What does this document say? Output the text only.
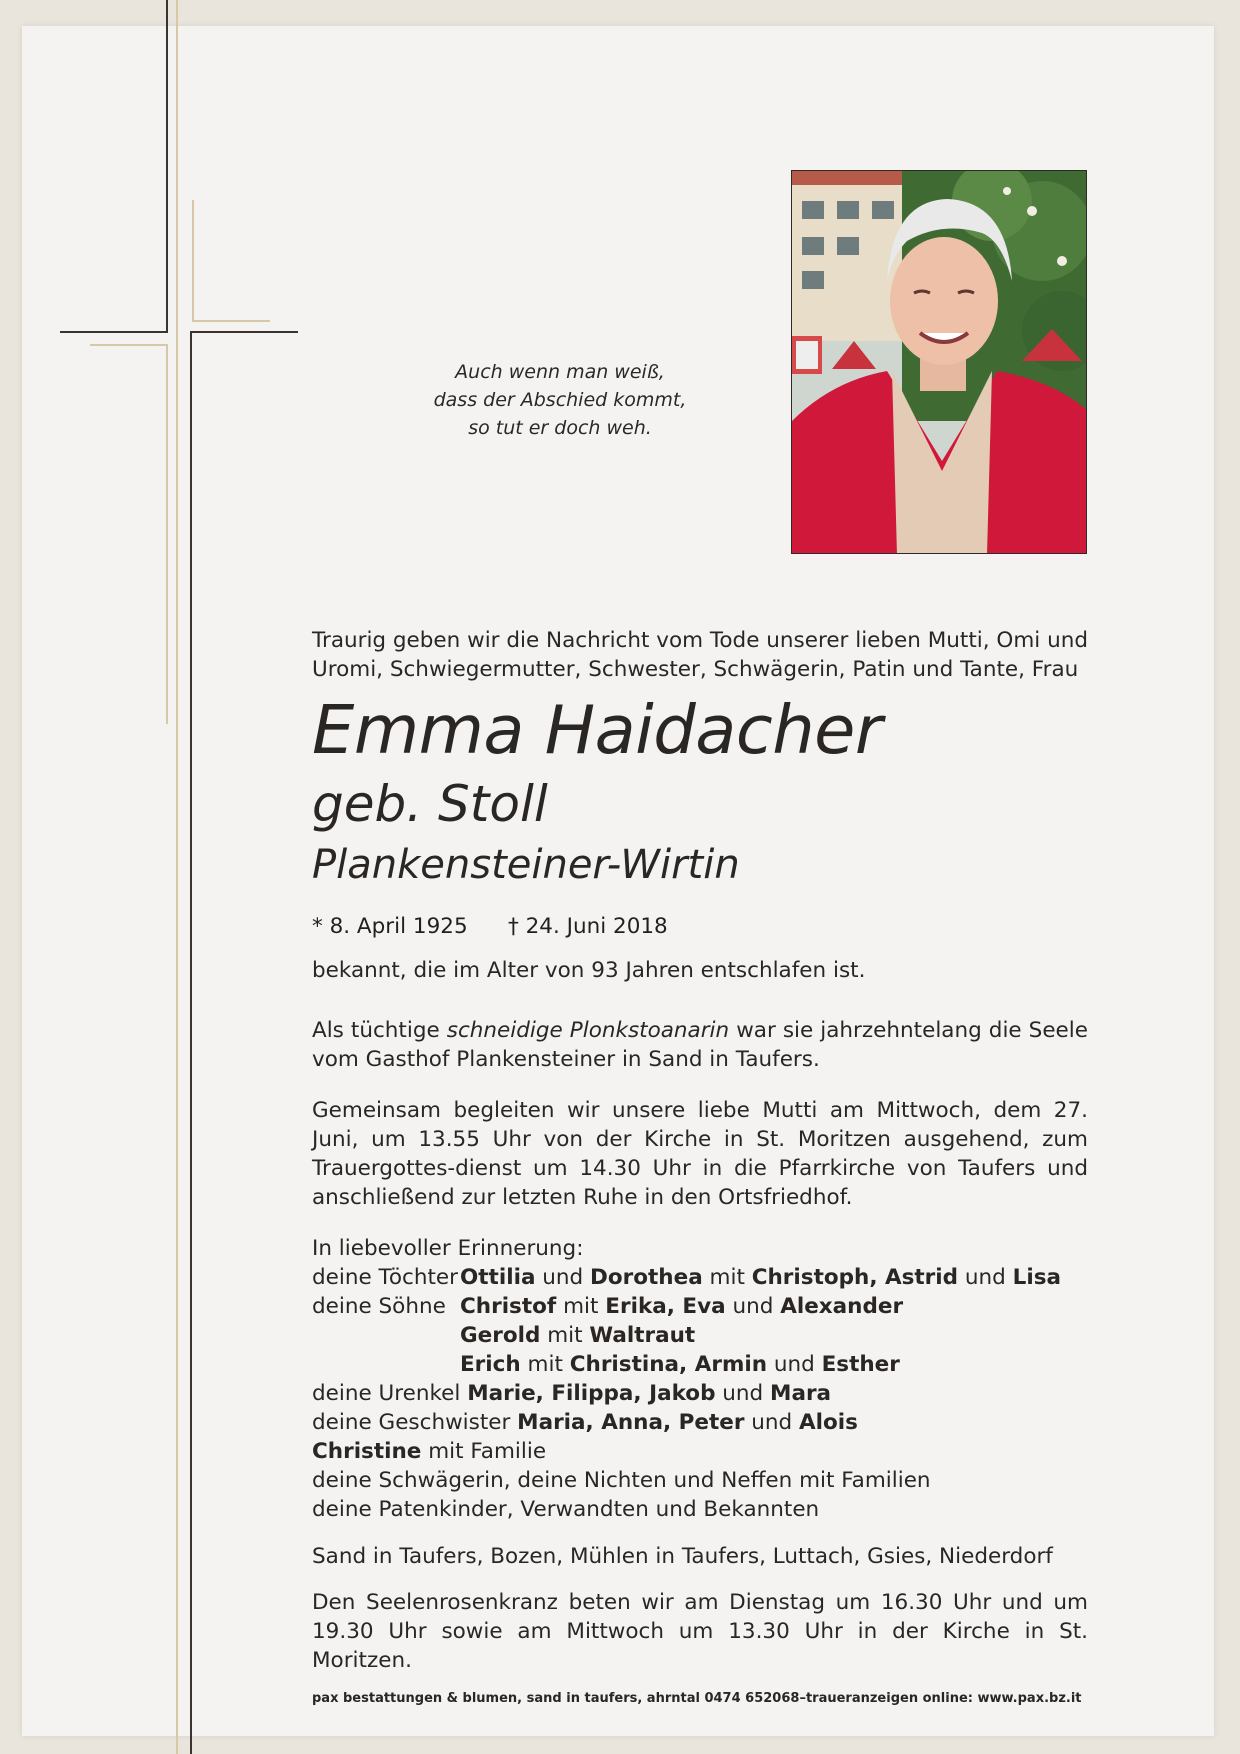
Auch wenn man weiß,
dass der Abschied kommt,
so tut er doch weh.
Traurig geben wir die Nachricht vom Tode unserer lieben Mutti, Omi und
Uromi, Schwiegermutter, Schwester, Schwägerin, Patin und Tante, Frau
Emma Haidacher
geb. Stoll
Plankensteiner-Wirtin
* 8. April 1925 † 24. Juni 2018
bekannt, die im Alter von 93 Jahren entschlafen ist.
Als tüchtige schneidige Plonkstoanarin war sie jahrzehntelang die Seele vom Gasthof Plankensteiner in Sand in Taufers.
Gemeinsam begleiten wir unsere liebe Mutti am Mittwoch, dem 27. Juni, um 13.55 Uhr von der Kirche in St. Moritzen ausgehend, zum Trauergottes-dienst um 14.30 Uhr in die Pfarrkirche von Taufers und anschließend zur letzten Ruhe in den Ortsfriedhof.
In liebevoller Erinnerung:
deine Töchter Ottilia und Dorothea mit Christoph, Astrid und Lisa
deine Söhne Christof mit Erika, Eva und Alexander
Gerold mit Waltraut
Erich mit Christina, Armin und Esther
deine Urenkel Marie, Filippa, Jakob und Mara
deine Geschwister Maria, Anna, Peter und Alois
Christine mit Familie
deine Schwägerin, deine Nichten und Neffen mit Familien
deine Patenkinder, Verwandten und Bekannten
Sand in Taufers, Bozen, Mühlen in Taufers, Luttach, Gsies, Niederdorf
Den Seelenrosenkranz beten wir am Dienstag um 16.30 Uhr und um 19.30 Uhr sowie am Mittwoch um 13.30 Uhr in der Kirche in St. Moritzen.
pax bestattungen & blumen, sand in taufers, ahrntal 0474 652068–traueranzeigen online: www.pax.bz.it
